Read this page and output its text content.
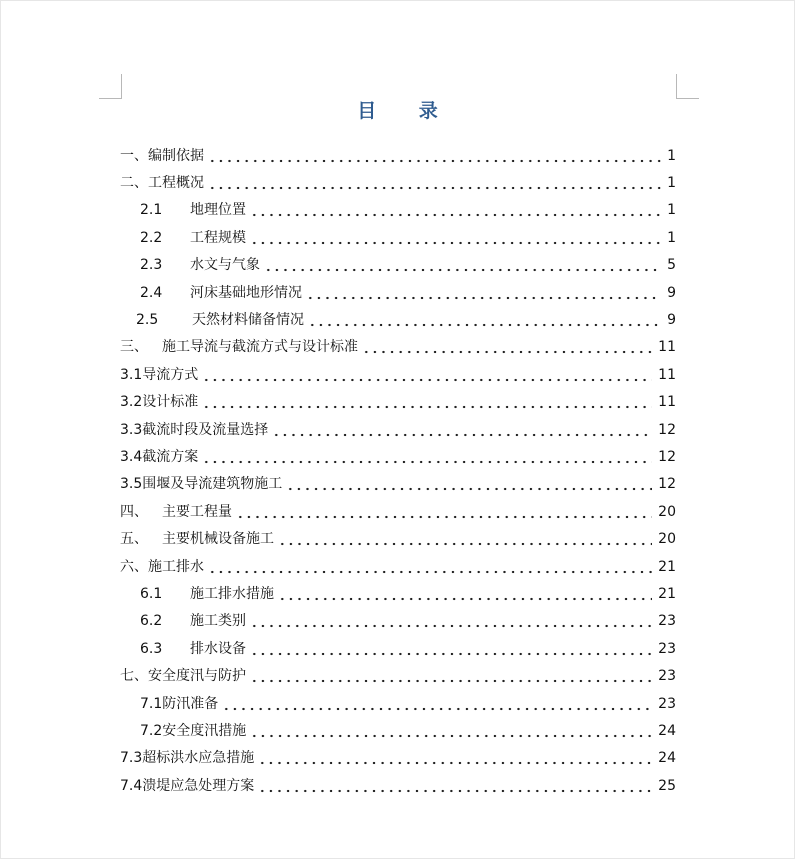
目 录
一、编制依据	1
二、工程概况	1
2.1 地理位置	1
2.2 工程规模	1
2.3 水文与气象	5
2.4 河床基础地形情况	9
2.5 天然材料储备情况	9
三、 施工导流与截流方式与设计标准	11
3.1导流方式	11
3.2设计标准	11
3.3截流时段及流量选择	12
3.4截流方案	12
3.5围堰及导流建筑物施工	12
四、 主要工程量	20
五、 主要机械设备施工	20
六、施工排水	21
6.1 施工排水措施	21
6.2 施工类别	23
6.3 排水设备	23
七、安全度汛与防护	23
7.1防汛准备	23
7.2安全度汛措施	24
7.3超标洪水应急措施	24
7.4溃堤应急处理方案	25
